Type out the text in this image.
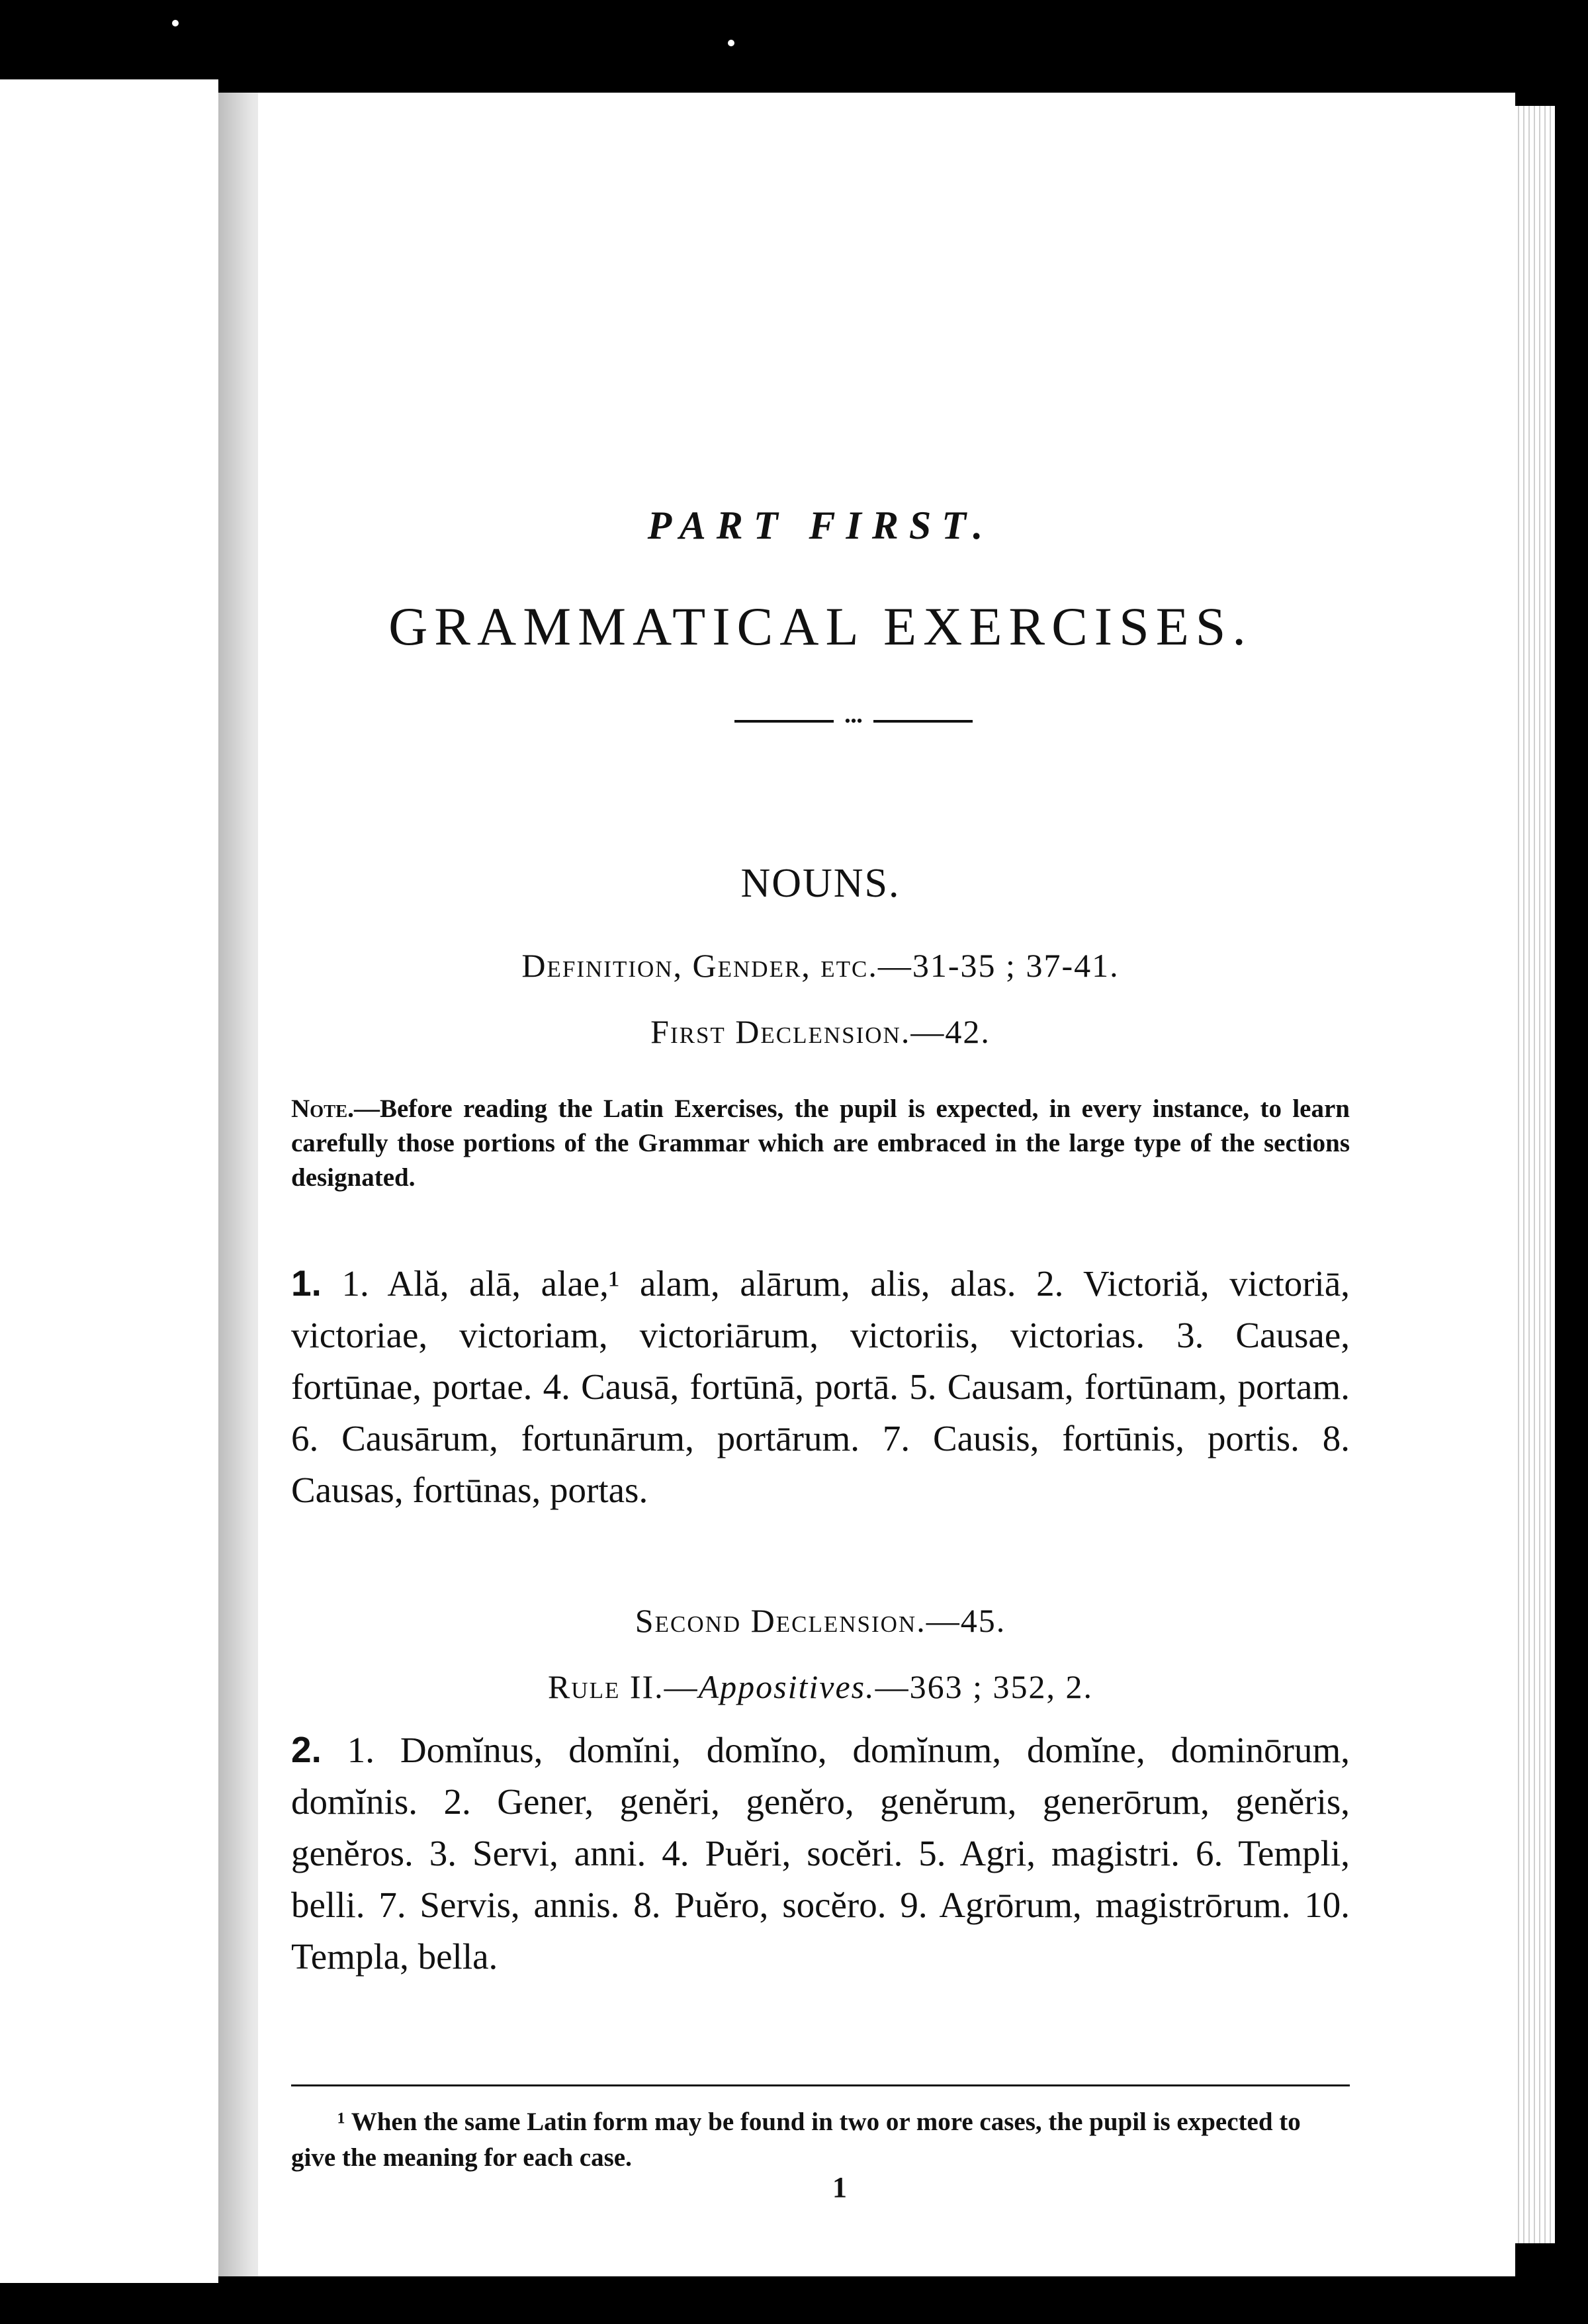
PART FIRST.
GRAMMATICAL EXERCISES.
•••
NOUNS.
Definition, Gender, etc.—31-35 ; 37-41.
First Declension.—42.
Note.—Before reading the Latin Exercises, the pupil is expected, in every instance, to learn carefully those portions of the Grammar which are embraced in the large type of the sections designated.
1. 1. Ală, alā, alae,¹ alam, alārum, alis, alas. 2. Victoriă, victoriā, victoriae, victoriam, victoriārum, victoriis, victorias. 3. Causae, fortūnae, portae. 4. Causā, fortūnā, portā. 5. Causam, fortūnam, portam. 6. Causārum, fortunārum, portārum. 7. Causis, fortūnis, portis. 8. Causas, fortūnas, portas.
Second Declension.—45.
Rule II.—Appositives.—363 ; 352, 2.
2. 1. Domĭnus, domĭni, domĭno, domĭnum, domĭne, dominōrum, domĭnis. 2. Gener, genĕri, genĕro, genĕrum, generōrum, genĕris, genĕros. 3. Servi, anni. 4. Puĕri, socĕri. 5. Agri, magistri. 6. Templi, belli. 7. Servis, annis. 8. Puĕro, socĕro. 9. Agrōrum, magistrōrum. 10. Templa, bella.
¹ When the same Latin form may be found in two or more cases, the pupil is expected to give the meaning for each case.
1
